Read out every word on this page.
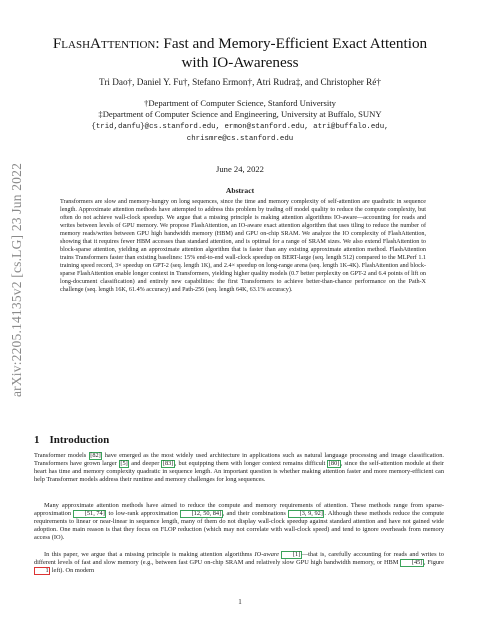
arXiv:2205.14135v2 [cs.LG] 23 Jun 2022
FlashAttention: Fast and Memory-Efficient Exact Attention
with IO-Awareness
Tri Dao†, Daniel Y. Fu†, Stefano Ermon†, Atri Rudra‡, and Christopher Ré†
†Department of Computer Science, Stanford University
‡Department of Computer Science and Engineering, University at Buffalo, SUNY
{trid,danfu}@cs.stanford.edu, ermon@stanford.edu, atri@buffalo.edu,
chrismre@cs.stanford.edu
June 24, 2022
Abstract

Transformers are slow and memory-hungry on long sequences, since the time and memory complexity of self-attention are quadratic in sequence length. Approximate attention methods have attempted to address this problem by trading off model quality to reduce the compute complexity, but often do not achieve wall-clock speedup. We argue that a missing principle is making attention algorithms IO-aware—accounting for reads and writes between levels of GPU memory. We propose FlashAttention, an IO-aware exact attention algorithm that uses tiling to reduce the number of memory reads/writes between GPU high bandwidth memory (HBM) and GPU on-chip SRAM. We analyze the IO complexity of FlashAttention, showing that it requires fewer HBM accesses than standard attention, and is optimal for a range of SRAM sizes. We also extend FlashAttention to block-sparse attention, yielding an approximate attention algorithm that is faster than any existing approximate attention method. FlashAttention trains Transformers faster than existing baselines: 15% end-to-end wall-clock speedup on BERT-large (seq. length 512) compared to the MLPerf 1.1 training speed record, 3× speedup on GPT-2 (seq. length 1K), and 2.4× speedup on long-range arena (seq. length 1K-4K). FlashAttention and block-sparse FlashAttention enable longer context in Transformers, yielding higher quality models (0.7 better perplexity on GPT-2 and 6.4 points of lift on long-document classification) and entirely new capabilities: the first Transformers to achieve better-than-chance performance on the Path-X challenge (seq. length 16K, 61.4% accuracy) and Path-256 (seq. length 64K, 63.1% accuracy).

1 Introduction

Transformer models [82] have emerged as the most widely used architecture in applications such as natural language processing and image classification. Transformers have grown larger [5] and deeper [83] , but equipping them with longer context remains difficult [80] , since the self-attention module at their heart has time and memory complexity quadratic in sequence length. An important question is whether making attention faster and more memory-efficient can help Transformer models address their runtime and memory challenges for long sequences.

Many approximate attention methods have aimed to reduce the compute and memory requirements of attention. These methods range from sparse-approximation [51, 74] to low-rank approximation [12, 50, 84] , and their combinations [3, 9, 92] . Although these methods reduce the compute requirements to linear or near-linear in sequence length, many of them do not display wall-clock speedup against standard attention and have not gained wide adoption. One main reason is that they focus on FLOP reduction (which may not correlate with wall-clock speed) and tend to ignore overheads from memory access (IO).

In this paper, we argue that a missing principle is making attention algorithms IO-aware [1] —that is, carefully accounting for reads and writes to different levels of fast and slow memory (e.g., between fast GPU on-chip SRAM and relatively slow GPU high bandwidth memory, or HBM [45] , Figure 1 left). On modern

1
